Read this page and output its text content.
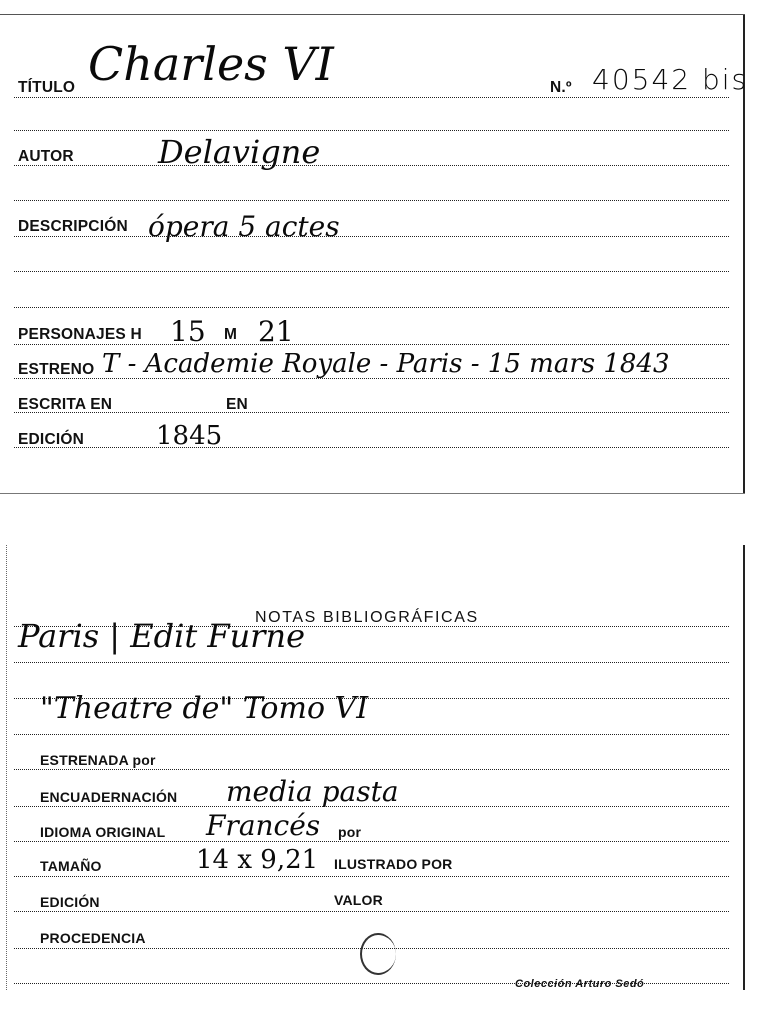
TÍTULO Charles VI	N.º 40542 bis
AUTOR	Delavigne
DESCRIPCIÓN ópera 5 actes
PERSONAJES H 15 M 21
ESTRENO T - Academie Royale - Paris - 15 mars 1843
ESCRITA EN	EN
EDICIÓN	1845
NOTAS BIBLIOGRÁFICAS
Paris | Edit Furne
"Theatre de" Tomo VI
ESTRENADA por
ENCUADERNACIÓN media pasta
IDIOMA ORIGINAL Francés por
TAMAÑO	14 x 9,21 ILUSTRADO POR
EDICIÓN	VALOR
PROCEDENCIA
Colección Arturo Sedó
